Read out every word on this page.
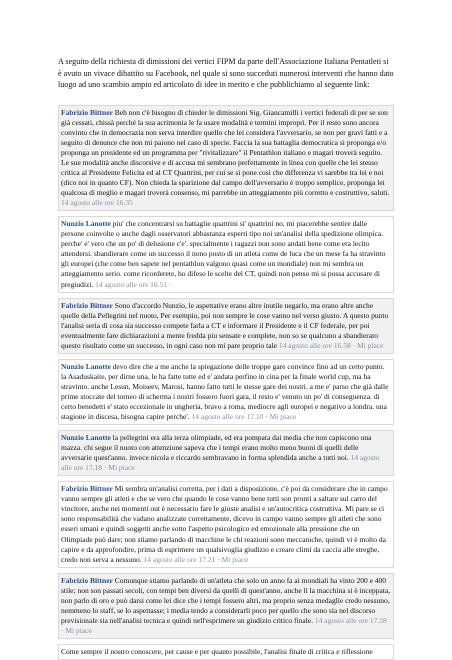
A seguito della richiesta di dimissioni dei vertici FIPM da parte dell'Associazione Italiana Pentatleti si è avuto un vivace dibattito su Facebook, nel quale si sono succeduti numerosi interventi che hanno dato luogo ad uno scambio ampio ed articolato di idee in merito e che pubblichiamo al seguente link:

Fabrizio Bittner Beh non c'è bisogno di chieder le dimissioni Sig. Giancamilli i vertici federali di per se son già cessati, chissà perché la sua acrimonia le fa usare modalità e termini impropri. Per il resto sono ancora convinto che in democrazia non serva interdire quello che lei considera l'avversario, se non per gravi fatti e a seguito di denunce che non mi paiono nel caso di specie. Faccia la sua battaglia democratica si proponga e/o proponga un presidente ed un programma per "rivitalizzare" il Pentathlon italiano e magari troverà seguito. Le sue modalità anche discorsive e di accusa mi sembrano perfettamente in linea con quelle che lei stesso critica al Presidente Felicita ed al CT Quattrini, per cui se si pone così che differenza vi sarebbe tra lei e noi (dico noi in quanto CF). Non chieda la sparizione dal campo dell'avversario è troppo semplice, proponga lei qualcosa di meglio e magari troverà consenso, mi parrebbe un atteggiamento più corretto e costruttivo, saluti. 14 agosto alle ore 16.35
Nunzio Lanotte piu' che concentrarsi su battaglie quattrini si' quattrini no, mi piacerebbe sentire dalle persone coinvolte o anche dagli osservatori abbastanza esperti tipo noi un'analisi della spedizione olimpica. perche' e' vero che un po' di delusione c'e'. specialmente i ragazzi non sono andati bene come era lecito attendersi. sbandierare come un successo il nono posto di un atleta come de luca che un mese fa ha stravinto gli europei (che come ben sapete nel pentathlon valgono quasi come un mondiale) non mi sembra un atteggiamento serio. come ricorderete, ho difeso le scelte del CT, quindi non penso mi si possa accusare di pregiudizi. 14 agosto alle ore 16.51 ·
Fabrizio Bittner Sono d'accordo Nunzio, le aspettative erano altre inutile negarlo, ma erano altre anche quelle della Pellegrini nel nuoto, Per esempio, poi non sempre le cose vanno nel verso giusto. A questo punto l'analisi seria di cosa sia successo compete farla a CT e informare il Presidente e il CF federale, per poi eventualmente fare dichiarazioni a mente fredda piu sensate e complete, non so se qualcuno a sbandierato questo risultato come un successo, in ogni caso non mi pare proprio tale 14 agosto alle ore 16.58 · Mi piace
Nunzio Lanotte devo dire che a me anche la spiegazione delle troppe gare convince fino ad un certo punto. la Asaduskaite, per dirne una, le ha fatte tutte ed e' andata perfino in cina per la finale world cup, ma ha stravinto. anche Lesun, Moiseev, Marosi, hanno fatto tutti le stesse gare dei nostri. a me e' parso che già dalle prime stoccate del torneo di scherma i nostri fossero fuori gara, il resto e' venuto un po' di conseguenza. di certo benedetti e' stato eccezionale in ungheria, bravo a roma, mediocre agli europei e negativo a londra. una stagione in discesa, bisogna capire perche'. 14 agosto alle ore 17.10 · Mi piace
Nunzio Lanotte la pellegrini era alla terza olimpiade, ed era pompata dai media che non capiscono una mazza. chi segue il nuoto con attenzione sapeva che i tempi erano molto meno buoni di quelli delle avversarie quest'anno. invece nicola e riccardo sembravano in forma splendida anche a tutti noi. 14 agosto alle ore 17.18 · Mi piace
Fabrizio Bittner Mi sembra un'analisi corretta, per i dati a disposizione, c'è poi da considerare che in campo vanno sempre gli atleti e che se vero che quando le cose vanno bene tutti son pronti a saltare sul carro del vincitore, anche nei momenti out è necessario fare le giuste analisi e un'autocritica costruttiva. Mi pare se ci sono responsabilità che vadano analizzate correttamente, dicevo in campo vanno sempre gli atleti che sono esseri umani e quindi soggetti anche sotto l'aspetto psicologico ed emozionale alla pressione che un Olimpiade può dare; non stiamo parlando di macchine le chi reazioni sono meccaniche, quindi vi è molto da capire e da approfondire, prima di esprimere un qualsivoglia giudizio e creare climi da caccia alle streghe, credo non serva a nessuno. 14 agosto alle ore 17.21 · Mi piace
Fabrizio Bittner Comunque stiamo parlando di un'atleta che solo un anno fa ai mondiali ha vinto 200 e 400 stile; non son passati secoli, con tempi ben diversi da quelli di quest'anno, anche lì la macchina si è inceppata, non parlo di oro e può darsi come lei dice che i tempi fossero altri, ma proprio senza medaglie credo nessuno, nemmeno lo staff, se lo aspettasse; i media tendo a considerarli poco per quello che sono sia nel discorso previsionale sia nell'analisi tecnica e quindi nell'esprimere un giudizio critico finale. 14 agosto alle ore 17.28 · Mi piace
Come sempre il nostro conoscere, per cause e per quanto possibile, l'analisi finale di critica e riflessione
